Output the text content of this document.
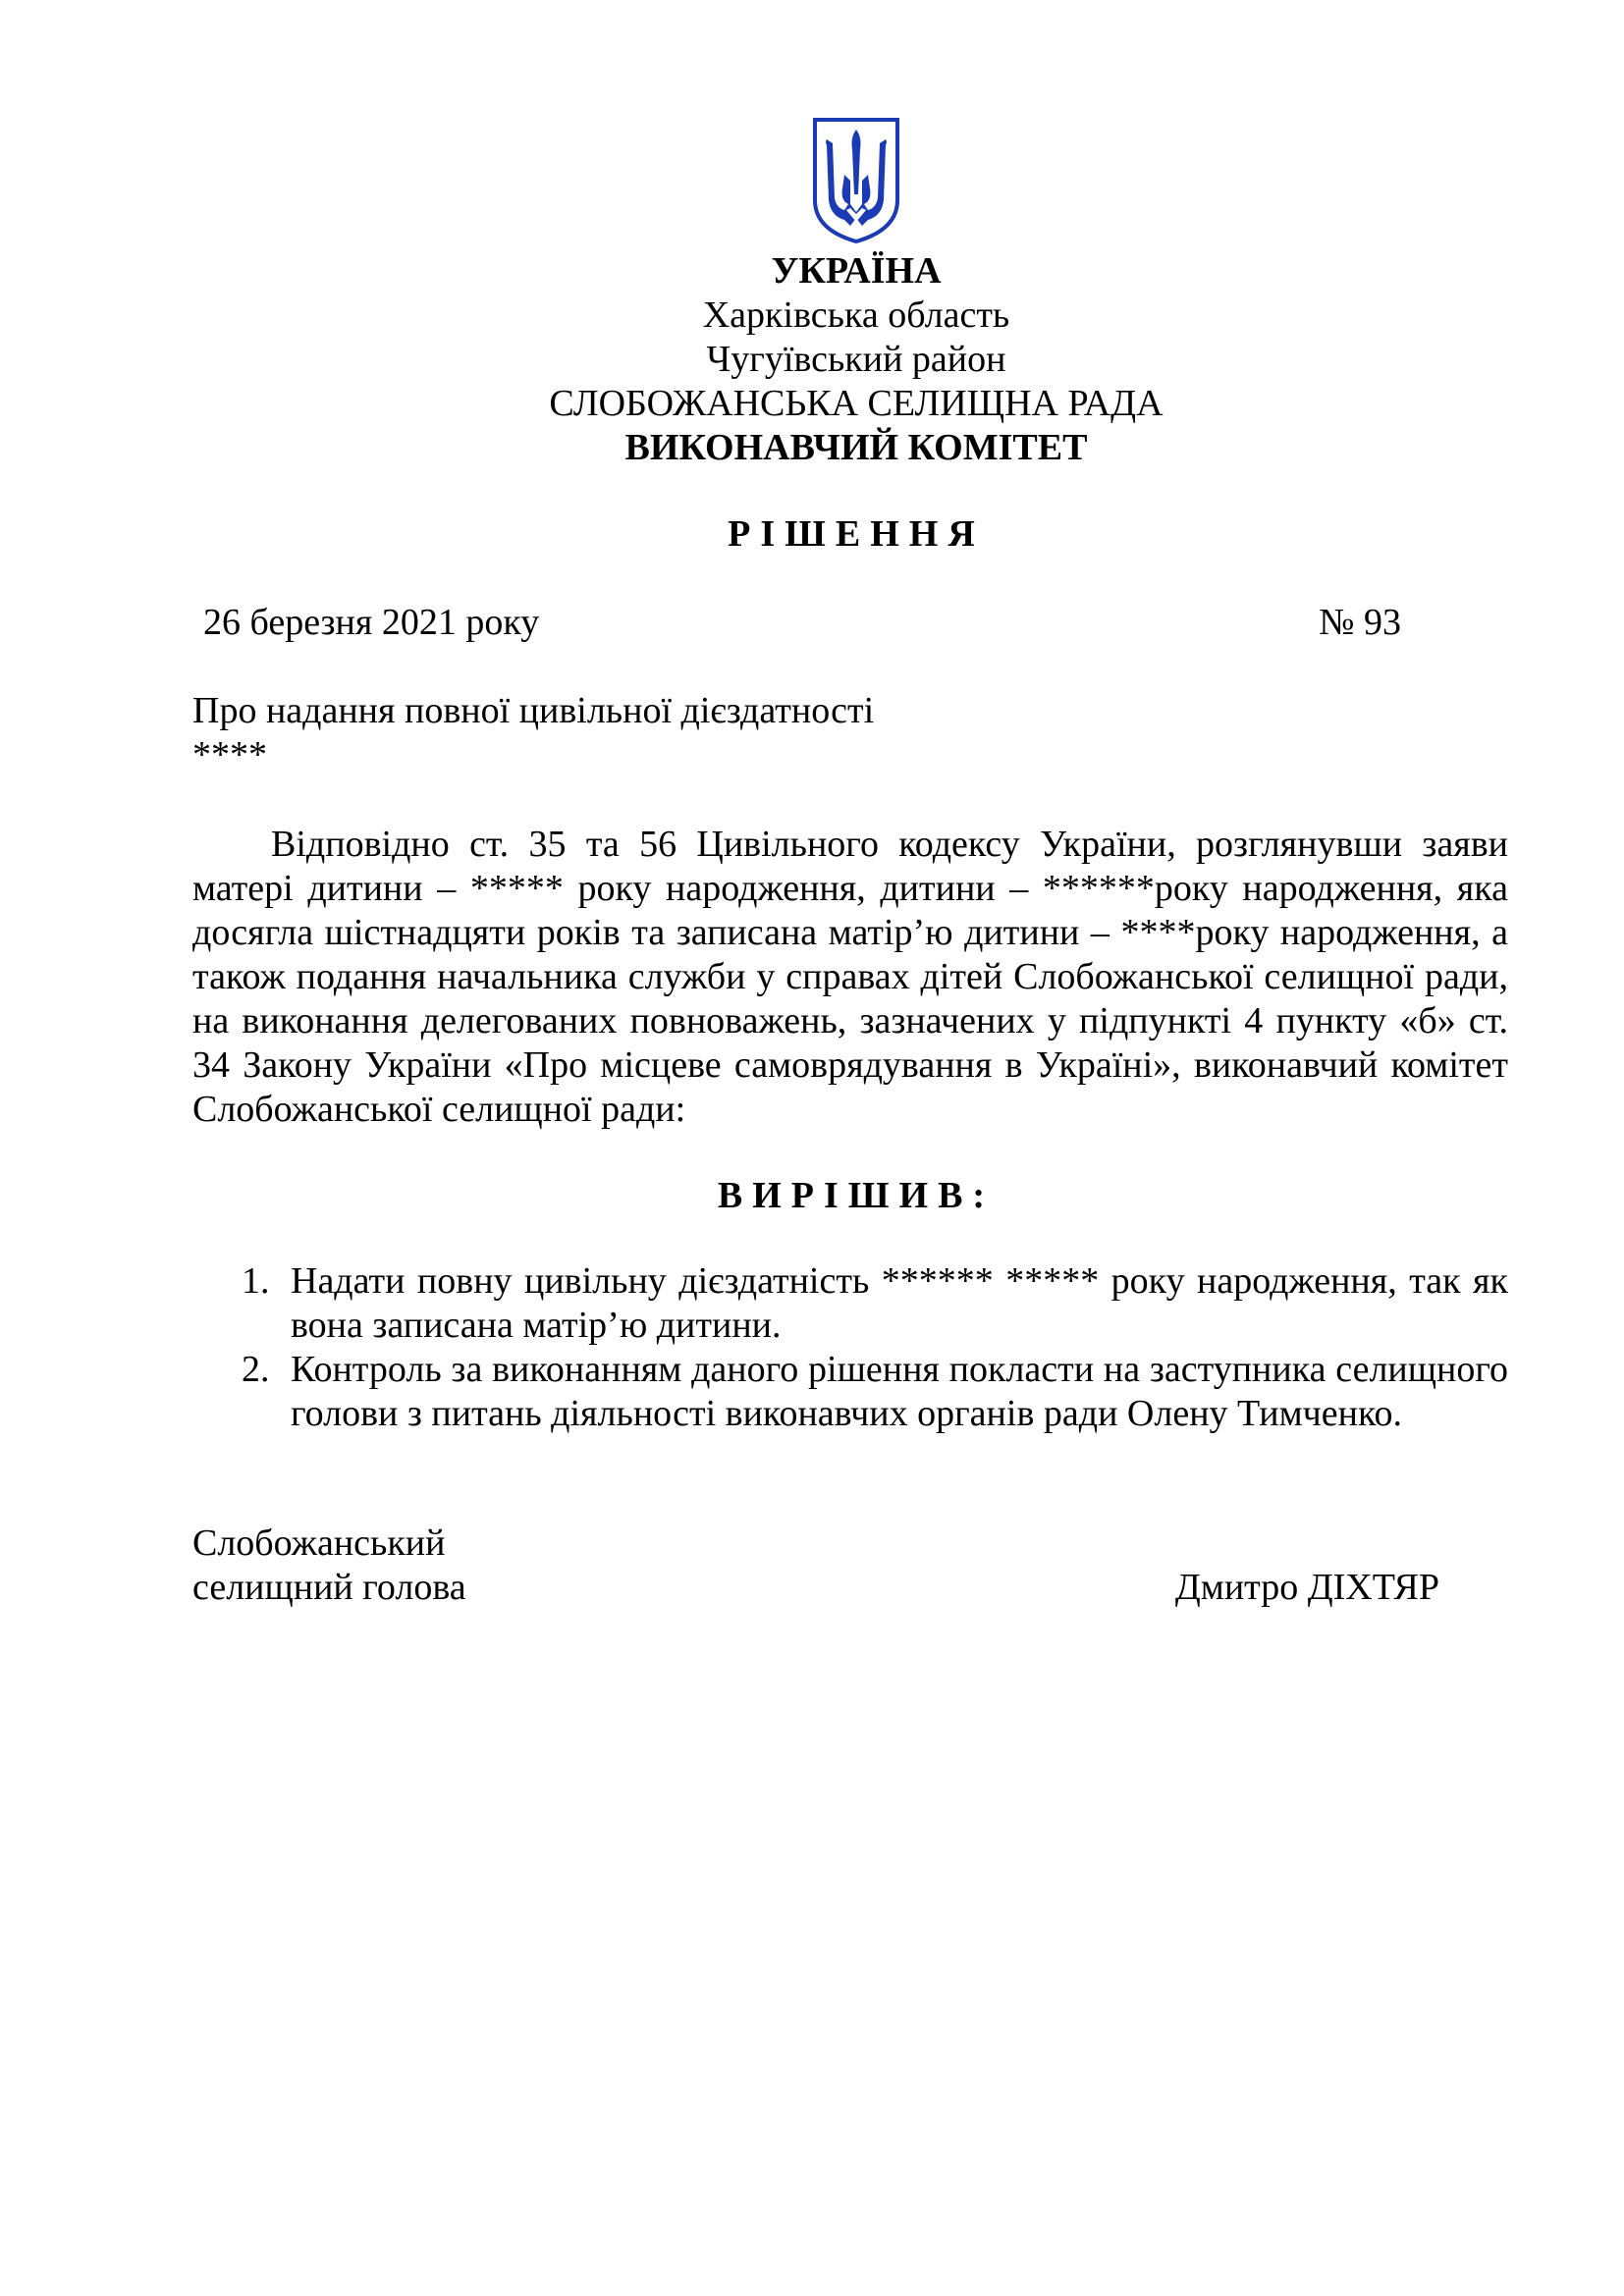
УКРАЇНА
Харківська область
Чугуївський район
СЛОБОЖАНСЬКА СЕЛИЩНА РАДА
ВИКОНАВЧИЙ КОМІТЕТ
РІШЕННЯ
26 березня 2021 року	№ 93
Про надання повної цивільної дієздатності
****
Відповідно ст. 35 та 56 Цивільного кодексу України, розглянувши заяви матері дитини – ***** року народження, дитини – ******року народження, яка досягла шістнадцяти років та записана матір’ю дитини – ****року народження, а також подання начальника служби у справах дітей Слобожанської селищної ради, на виконання делегованих повноважень, зазначених у підпункті 4 пункту «б» ст. 34 Закону України «Про місцеве самоврядування в Україні», виконавчий комітет Слобожанської селищної ради:
ВИРІШИВ:
1. Надати повну цивільну дієздатність ****** ***** року народження, так як вона записана матір’ю дитини.
2. Контроль за виконанням даного рішення покласти на заступника селищного голови з питань діяльності виконавчих органів ради Олену Тимченко.
Слобожанський
селищний голова	Дмитро ДІХТЯР
